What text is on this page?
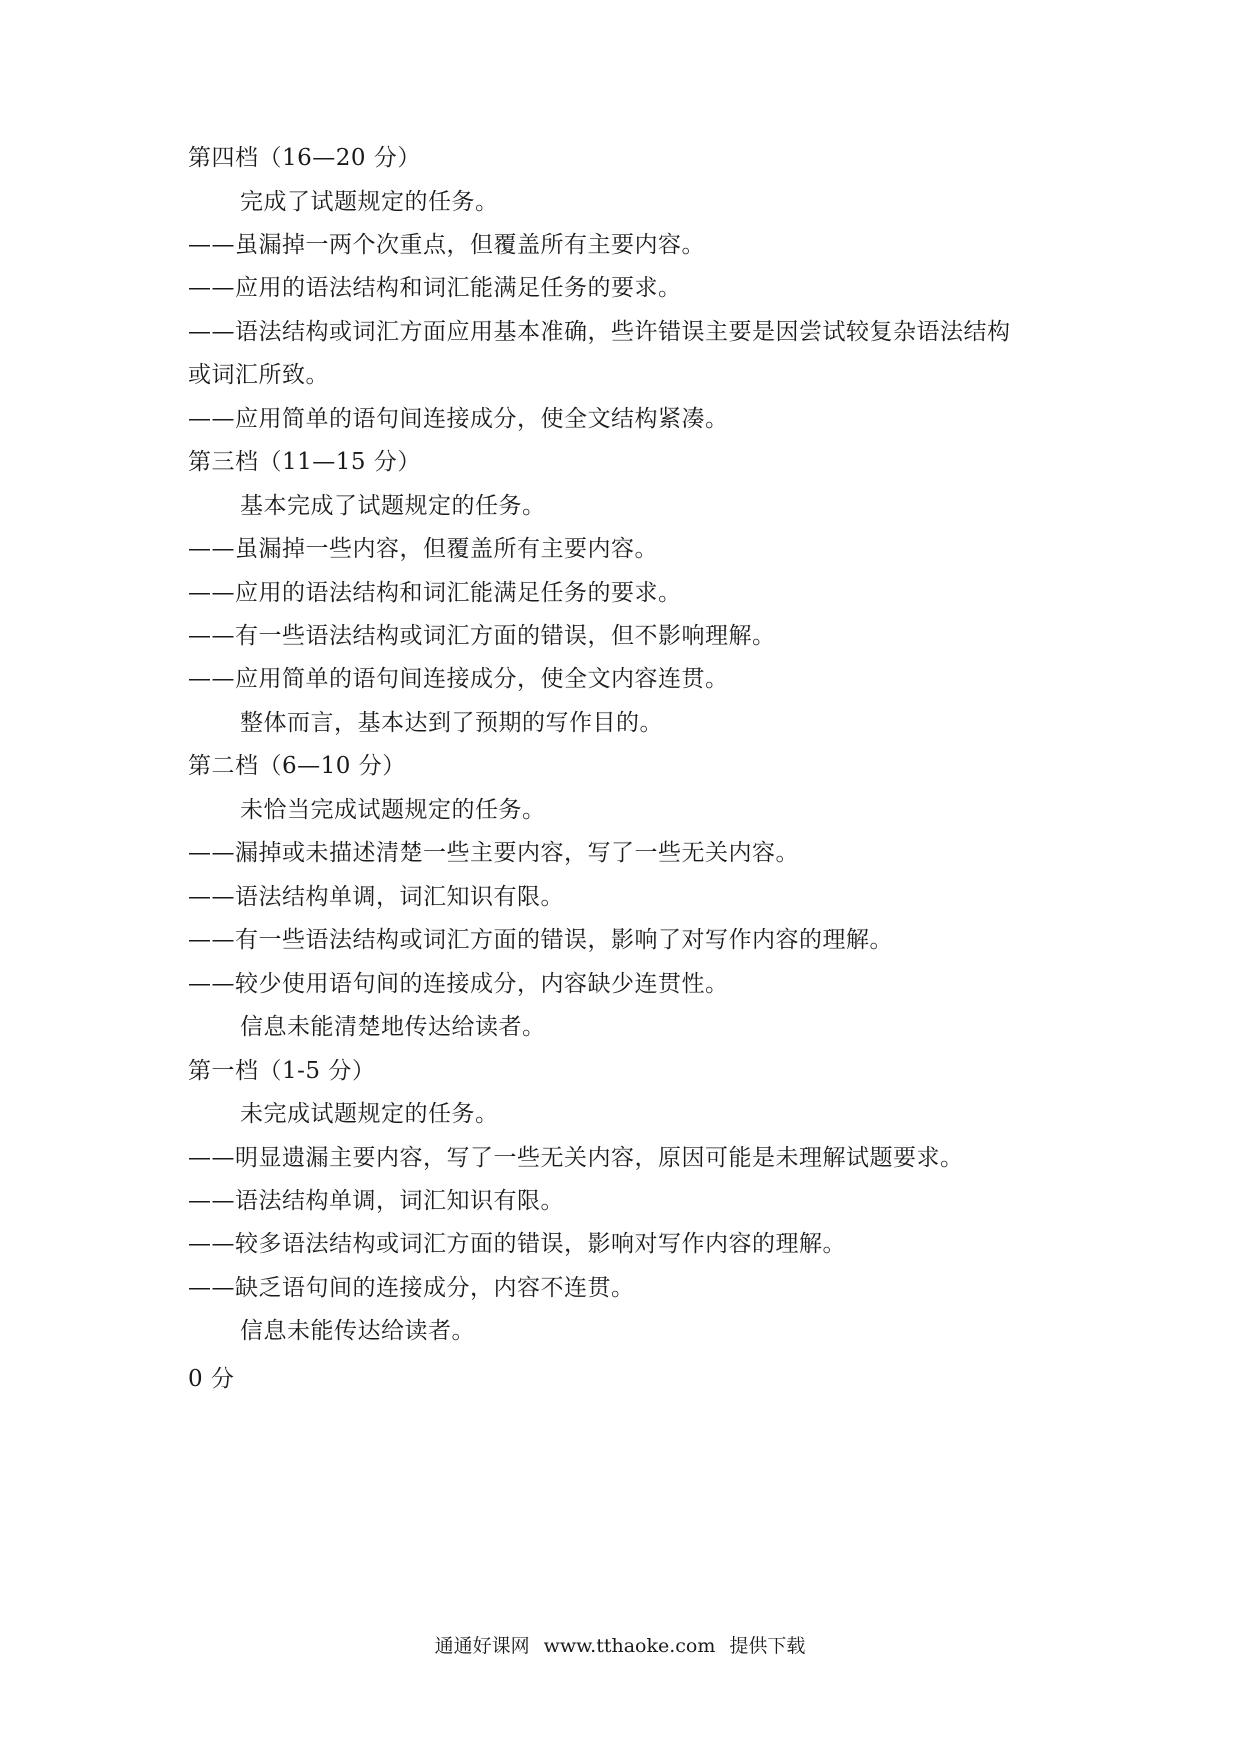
第四档（16—20 分）
完成了试题规定的任务。
——虽漏掉一两个次重点，但覆盖所有主要内容。
——应用的语法结构和词汇能满足任务的要求。
——语法结构或词汇方面应用基本准确，些许错误主要是因尝试较复杂语法结构
或词汇所致。
——应用简单的语句间连接成分，使全文结构紧凑。
第三档（11—15 分）
基本完成了试题规定的任务。
——虽漏掉一些内容，但覆盖所有主要内容。
——应用的语法结构和词汇能满足任务的要求。
——有一些语法结构或词汇方面的错误，但不影响理解。
——应用简单的语句间连接成分，使全文内容连贯。
整体而言，基本达到了预期的写作目的。
第二档（6—10 分）
未恰当完成试题规定的任务。
——漏掉或未描述清楚一些主要内容，写了一些无关内容。
——语法结构单调，词汇知识有限。
——有一些语法结构或词汇方面的错误，影响了对写作内容的理解。
——较少使用语句间的连接成分，内容缺少连贯性。
信息未能清楚地传达给读者。
第一档（1-5 分）
未完成试题规定的任务。
——明显遗漏主要内容，写了一些无关内容，原因可能是未理解试题要求。
——语法结构单调，词汇知识有限。
——较多语法结构或词汇方面的错误，影响对写作内容的理解。
——缺乏语句间的连接成分，内容不连贯。
信息未能传达给读者。
0 分
通通好课网 www.tthaoke.com 提供下载
